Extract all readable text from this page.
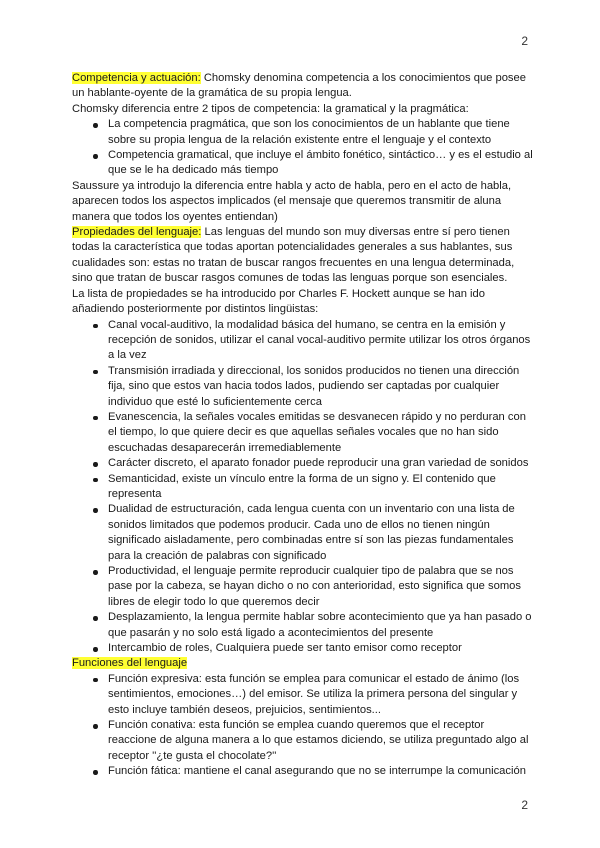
2

Competencia y actuación: Chomsky denomina competencia a los conocimientos que posee un hablante-oyente de la gramática de su propia lengua.

Chomsky diferencia entre 2 tipos de competencia: la gramatical y la pragmática:

La competencia pragmática, que son los conocimientos de un hablante que tiene sobre su propia lengua de la relación existente entre el lenguaje y el contexto
Competencia gramatical, que incluye el ámbito fonético, sintáctico… y es el estudio al que se le ha dedicado más tiempo

Saussure ya introdujo la diferencia entre habla y acto de habla, pero en el acto de habla, aparecen todos los aspectos implicados (el mensaje que queremos transmitir de aluna manera que todos los oyentes entiendan)

Propiedades del lenguaje: Las lenguas del mundo son muy diversas entre sí pero tienen todas la característica que todas aportan potencialidades generales a sus hablantes, sus cualidades son: estas no tratan de buscar rangos frecuentes en una lengua determinada, sino que tratan de buscar rasgos comunes de todas las lenguas porque son esenciales.

La lista de propiedades se ha introducido por Charles F. Hockett aunque se han ido añadiendo posteriormente por distintos lingüistas:

Canal vocal-auditivo, la modalidad básica del humano, se centra en la emisión y recepción de sonidos, utilizar el canal vocal-auditivo permite utilizar los otros órganos a la vez
Transmisión irradiada y direccional, los sonidos producidos no tienen una dirección fija, sino que estos van hacia todos lados, pudiendo ser captadas por cualquier individuo que esté lo suficientemente cerca
Evanescencia, la señales vocales emitidas se desvanecen rápido y no perduran con el tiempo, lo que quiere decir es que aquellas señales vocales que no han sido escuchadas desaparecerán irremediablemente
Carácter discreto, el aparato fonador puede reproducir una gran variedad de sonidos
Semanticidad, existe un vínculo entre la forma de un signo y. El contenido que representa
Dualidad de estructuración, cada lengua cuenta con un inventario con una lista de sonidos limitados que podemos producir. Cada uno de ellos no tienen ningún significado aisladamente, pero combinadas entre sí son las piezas fundamentales para la creación de palabras con significado
Productividad, el lenguaje permite reproducir cualquier tipo de palabra que se nos pase por la cabeza, se hayan dicho o no con anterioridad, esto significa que somos libres de elegir todo lo que queremos decir
Desplazamiento, la lengua permite hablar sobre acontecimiento que ya han pasado o que pasarán y no solo está ligado a acontecimientos del presente
Intercambio de roles, Cualquiera puede ser tanto emisor como receptor

Funciones del lenguaje

Función expresiva: esta función se emplea para comunicar el estado de ánimo (los sentimientos, emociones…) del emisor. Se utiliza la primera persona del singular y esto incluye también deseos, prejuicios, sentimientos...
Función conativa: esta función se emplea cuando queremos que el receptor reaccione de alguna manera a lo que estamos diciendo, se utiliza preguntado algo al receptor ''¿te gusta el chocolate?''
Función fática: mantiene el canal asegurando que no se interrumpe la comunicación
2
